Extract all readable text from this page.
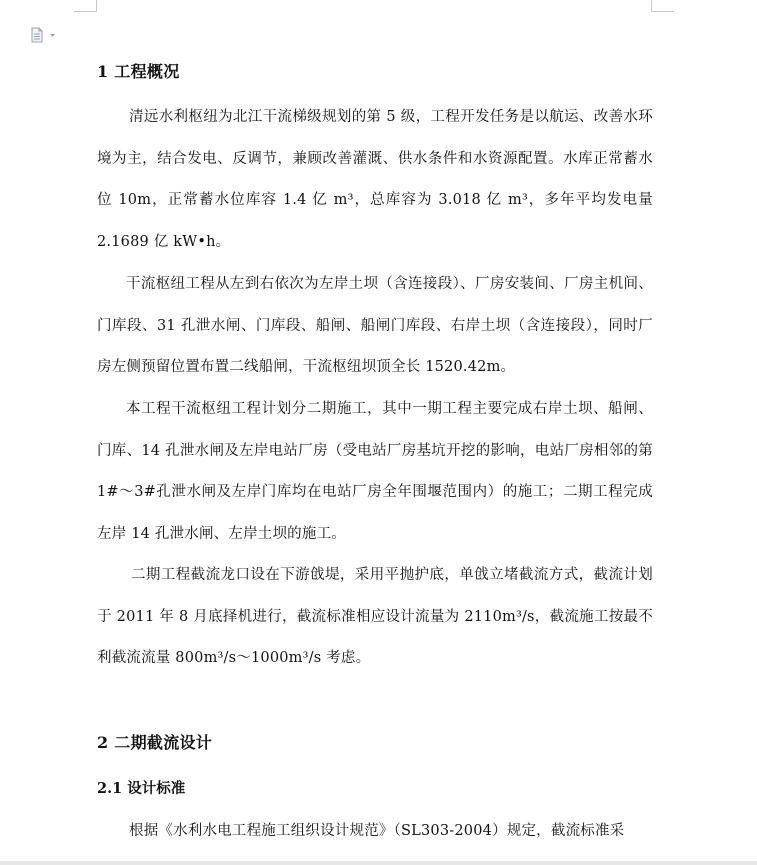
1 工程概况

清远水利枢纽为北江干流梯级规划的第 5 级，工程开发任务是以航运、改善水环境为主，结合发电、反调节，兼顾改善灌溉、供水条件和水资源配置。水库正常蓄水位 10m，正常蓄水位库容 1.4 亿 m³，总库容为 3.018 亿 m³，多年平均发电量 2.1689 亿 kW•h。

干流枢纽工程从左到右依次为左岸土坝（含连接段）、厂房安装间、厂房主机间、门库段、31 孔泄水闸、门库段、船闸、船闸门库段、右岸土坝（含连接段），同时厂房左侧预留位置布置二线船闸，干流枢纽坝顶全长 1520.42m。

本工程干流枢纽工程计划分二期施工，其中一期工程主要完成右岸土坝、船闸、门库、14 孔泄水闸及左岸电站厂房（受电站厂房基坑开挖的影响，电站厂房相邻的第 1#～3#孔泄水闸及左岸门库均在电站厂房全年围堰范围内）的施工；二期工程完成左岸 14 孔泄水闸、左岸土坝的施工。

二期工程截流龙口设在下游戗堤，采用平抛护底，单戗立堵截流方式，截流计划于 2011 年 8 月底择机进行，截流标准相应设计流量为 2110m³/s，截流施工按最不利截流流量 800m³/s～1000m³/s 考虑。

2 二期截流设计
2.1 设计标准

根据《水利水电工程施工组织设计规范》（SL303-2004）规定，截流标准采
